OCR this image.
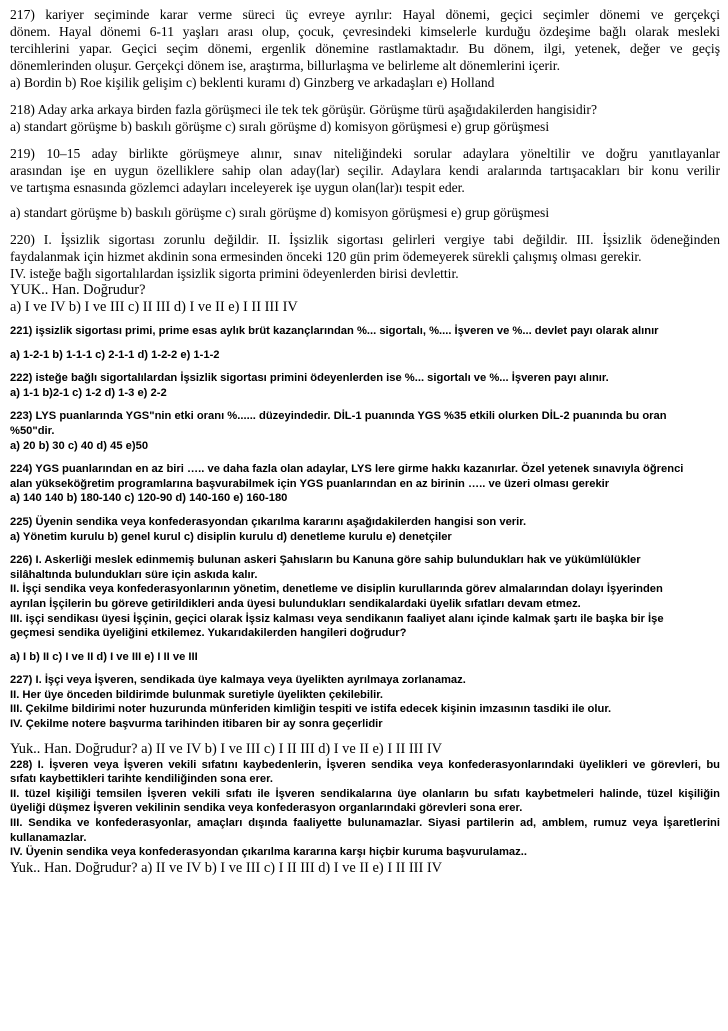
217) kariyer seçiminde karar verme süreci üç evreye ayrılır: Hayal dönemi, geçici seçimler dönemi ve gerçekçi
dönem. Hayal dönemi 6-11 yaşları arası olup, çocuk, çevresindeki kimselerle kurduğu özdeşime bağlı olarak mesleki
tercihlerini yapar. Geçici seçim dönemi, ergenlik dönemine rastlamaktadır. Bu dönem, ilgi, yetenek, değer ve geçiş
dönemlerinden oluşur. Gerçekçi dönem ise, araştırma, billurlaşma ve belirleme alt dönemlerini içerir.
a) Bordin b) Roe kişilik gelişim c) beklenti kuramı d) Ginzberg ve arkadaşları e) Holland
218) Aday arka arkaya birden fazla görüşmeci ile tek tek görüşür. Görüşme türü aşağıdakilerden hangisidir?
a) standart görüşme b) baskılı görüşme c) sıralı görüşme d) komisyon görüşmesi e) grup görüşmesi
219) 10–15 aday birlikte görüşmeye alınır, sınav niteliğindeki sorular adaylara yöneltilir ve doğru yanıtlayanlar
arasından işe en uygun özelliklere sahip olan aday(lar) seçilir. Adaylara kendi aralarında tartışacakları bir konu verilir
ve tartışma esnasında gözlemci adayları inceleyerek işe uygun olan(lar)ı tespit eder.
a) standart görüşme b) baskılı görüşme c) sıralı görüşme d) komisyon görüşmesi e) grup görüşmesi
220) I. İşsizlik sigortası zorunlu değildir. II. İşsizlik sigortası gelirleri vergiye tabi değildir. III. İşsizlik ödeneğinden
faydalanmak için hizmet akdinin sona ermesinden önceki 120 gün prim ödemeyerek sürekli çalışmış olması gerekir.
IV. isteğe bağlı sigortalılardan işsizlik sigorta primini ödeyenlerden birisi devlettir.
YUK.. Han. Doğrudur?
a) I ve IV b) I ve III c) II III d) I ve II e) I II III IV
221) işsizlik sigortası primi, prime esas aylık brüt kazançlarından %... sigortalı, %.... İşveren ve %... devlet payı olarak alınır
a) 1-2-1 b) 1-1-1 c) 2-1-1 d) 1-2-2 e) 1-1-2
222) isteğe bağlı sigortalılardan İşsizlik sigortası primini ödeyenlerden ise %... sigortalı ve %... İşveren payı alınır.
a) 1-1 b)2-1 c) 1-2 d) 1-3 e) 2-2
223) LYS puanlarında YGS"nin etki oranı %...... düzeyindedir. DİL-1 puanında YGS %35 etkili olurken DİL-2 puanında bu oran
%50"dir.
a) 20 b) 30 c) 40 d) 45 e)50
224) YGS puanlarından en az biri ….. ve daha fazla olan adaylar, LYS lere girme hakkı kazanırlar. Özel yetenek sınavıyla öğrenci
alan yükseköğretim programlarına başvurabilmek için YGS puanlarından en az birinin ….. ve üzeri olması gerekir
a) 140 140 b) 180-140 c) 120-90 d) 140-160 e) 160-180
225) Üyenin sendika veya konfederasyondan çıkarılma kararını aşağıdakilerden hangisi son verir.
a) Yönetim kurulu b) genel kurul c) disiplin kurulu d) denetleme kurulu e) denetçiler
226) I. Askerliği meslek edinmemiş bulunan askeri Şahısların bu Kanuna göre sahip bulundukları hak ve yükümlülükler
silâhaltında bulundukları süre için askıda kalır.
II. İşçi sendika veya konfederasyonlarının yönetim, denetleme ve disiplin kurullarında görev almalarından dolayı İşyerinden
ayrılan İşçilerin bu göreve getirildikleri anda üyesi bulundukları sendikalardaki üyelik sıfatları devam etmez.
III. işçi sendikası üyesi İşçinin, geçici olarak İşsiz kalması veya sendikanın faaliyet alanı içinde kalmak şartı ile başka bir İşe
geçmesi sendika üyeliğini etkilemez. Yukarıdakilerden hangileri doğrudur?
a) I b) II c) I ve II d) I ve III e) I II ve III
227) I. İşçi veya İşveren, sendikada üye kalmaya veya üyelikten ayrılmaya zorlanamaz.
II. Her üye önceden bildirimde bulunmak suretiyle üyelikten çekilebilir.
III. Çekilme bildirimi noter huzurunda münferiden kimliğin tespiti ve istifa edecek kişinin imzasının tasdiki ile olur.
IV. Çekilme notere başvurma tarihinden itibaren bir ay sonra geçerlidir
Yuk.. Han. Doğrudur? a) II ve IV b) I ve III c) I II III d) I ve II e) I II III IV
228) I. İşveren veya İşveren vekili sıfatını kaybedenlerin, İşveren sendika veya konfederasyonlarındaki üyelikleri ve görevleri, bu
sıfatı kaybettikleri tarihte kendiliğinden sona erer.
II. tüzel kişiliği temsilen İşveren vekili sıfatı ile İşveren sendikalarına üye olanların bu sıfatı kaybetmeleri halinde, tüzel kişiliğin
üyeliği düşmez İşveren vekilinin sendika veya konfederasyon organlarındaki görevleri sona erer.
III. Sendika ve konfederasyonlar, amaçları dışında faaliyette bulunamazlar. Siyasi partilerin ad, amblem, rumuz veya İşaretlerini
kullanamazlar.
IV. Üyenin sendika veya konfederasyondan çıkarılma kararına karşı hiçbir kuruma başvurulamaz..
Yuk.. Han. Doğrudur? a) II ve IV b) I ve III c) I II III d) I ve II e) I II III IV
